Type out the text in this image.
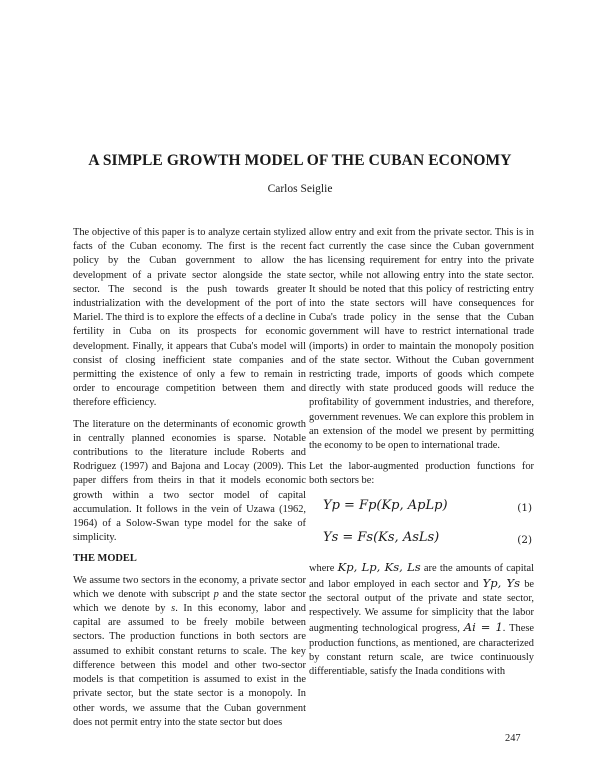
A SIMPLE GROWTH MODEL OF THE CUBAN ECONOMY
Carlos Seiglie

The objective of this paper is to analyze certain stylized facts of the Cuban economy. The first is the recent policy by the Cuban government to allow the development of a private sector alongside the state sector. The second is the push towards greater industrialization with the development of the port of Mariel. The third is to explore the effects of a decline in fertility in Cuba on its prospects for economic development. Finally, it appears that Cuba's model will consist of closing inefficient state companies and permitting the existence of only a few to remain in order to encourage competition between them and therefore efficiency.

The literature on the determinants of economic growth in centrally planned economies is sparse. Notable contributions to the literature include Roberts and Rodriguez (1997) and Bajona and Locay (2009). This paper differs from theirs in that it models economic growth within a two sector model of capital accumulation. It follows in the vein of Uzawa (1962, 1964) of a Solow-Swan type model for the sake of simplicity.

THE MODEL

We assume two sectors in the economy, a private sector which we denote with subscript p and the state sector which we denote by s. In this economy, labor and capital are assumed to be freely mobile between sectors. The production functions in both sectors are assumed to exhibit constant returns to scale. The key difference between this model and other two-sector models is that competition is assumed to exist in the private sector, but the state sector is a monopoly. In other words, we assume that the Cuban government does not permit entry into the state sector but does

allow entry and exit from the private sector. This is in fact currently the case since the Cuban government has licensing requirement for entry into the private sector, while not allowing entry into the state sector. It should be noted that this policy of restricting entry into the state sectors will have consequences for Cuba's trade policy in the sense that the Cuban government will have to restrict international trade (imports) in order to maintain the monopoly position of the state sector. Without the Cuban government restricting trade, imports of goods which compete directly with state produced goods will reduce the profitability of government industries, and therefore, government revenues. We can explore this problem in an extension of the model we present by permitting the economy to be open to international trade.

Let the labor-augmented production functions for both sectors be:

Yp = Fp(Kp, ApLp)	(1)
Ys = Fs(Ks, AsLs)	(2)

where Kp, Lp, Ks, Ls are the amounts of capital and labor employed in each sector and Yp, Ys be the sectoral output of the private and state sector, respectively. We assume for simplicity that the labor augmenting technological progress, Ai = 1. These production functions, as mentioned, are characterized by constant return scale, are twice continuously differentiable, satisfy the Inada conditions with

247
